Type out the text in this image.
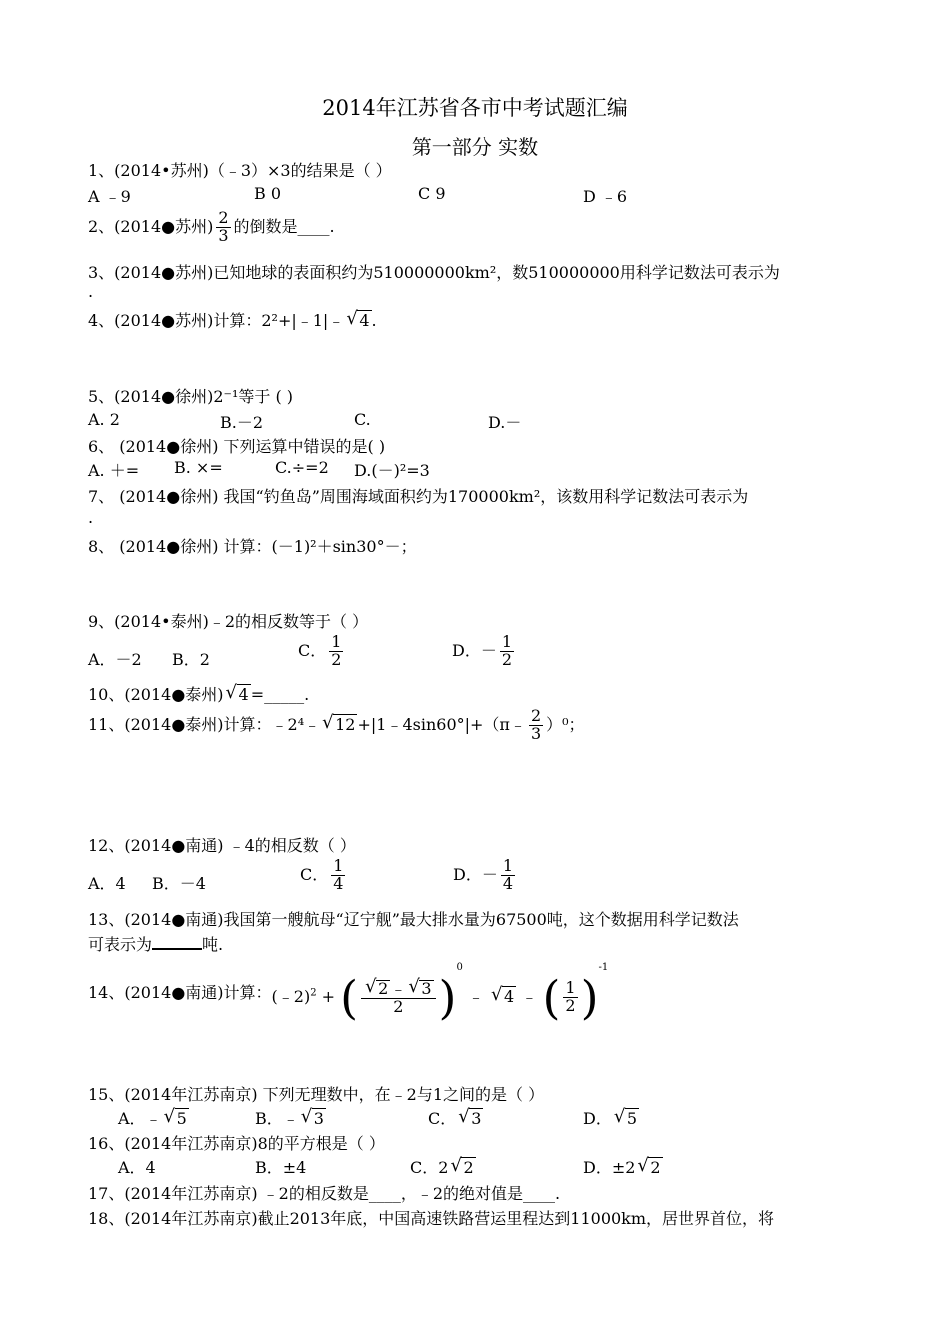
2014年江苏省各市中考试题汇编
第一部分 实数
1、(2014•苏州)（﹣3）×3的结果是（ ）
A ﹣9	B 0	C 9	D ﹣6
2、(2014●苏州) $\frac{2}{3}$ 的倒数是____.
3、(2014●苏州)已知地球的表面积约为510000000km²，数510000000用科学记数法可表示为
.
4、(2014●苏州)计算：2²+|﹣1|﹣ √ 4 .
5、(2014●徐州)2⁻¹等于 ( )
A. 2	B.－2	C.	D.－
6、 (2014●徐州) 下列运算中错误的是( )
A. ＋= B. ×=	C.÷=2 D.(－)²=3
7、 (2014●徐州) 我国“钓鱼岛”周围海域面积约为170000km²，该数用科学记数法可表示为
.
8、 (2014●徐州) 计算：(－1)²＋sin30°－；
9、(2014•泰州)﹣2的相反数等于（ ）
A．－2 B．2	C． $\frac{1}{2}$	D．－ $\frac{1}{2}$
10、(2014●泰州) √ 4 =_____.
11、(2014●泰州)计算：﹣2⁴﹣ √ 12 +|1﹣4sin60°|+（π﹣ $\frac{2}{3} )^0$；
12、(2014●南通) ﹣4的相反数（ ）
A．4 B．－4	C． $\frac{1}{4}$	D．－ $\frac{1}{4}$
13、(2014●南通)我国第一艘航母“辽宁舰”最大排水量为67500吨，这个数据用科学记数法
可表示为	吨.
14、(2014●南通)计算：(﹣2)$^2$ + ( √ $\frac{2 ﹣ √ 3}{2} )^0$ ﹣ √ 4 ﹣ ( $\frac{1}{2} )^{-1}$
15、(2014年江苏南京) 下列无理数中，在﹣2与1之间的是（ ）
A．﹣ √ 5	B．﹣ √ 3	C． √ 3	D． √ 5
16、(2014年江苏南京)8的平方根是（ ）
A．4	B．±4	C．2 √ 2	D．±2 √ 2
17、(2014年江苏南京) ﹣2的相反数是____，﹣2的绝对值是____.
18、(2014年江苏南京)截止2013年底，中国高速铁路营运里程达到11000km，居世界首位，将
